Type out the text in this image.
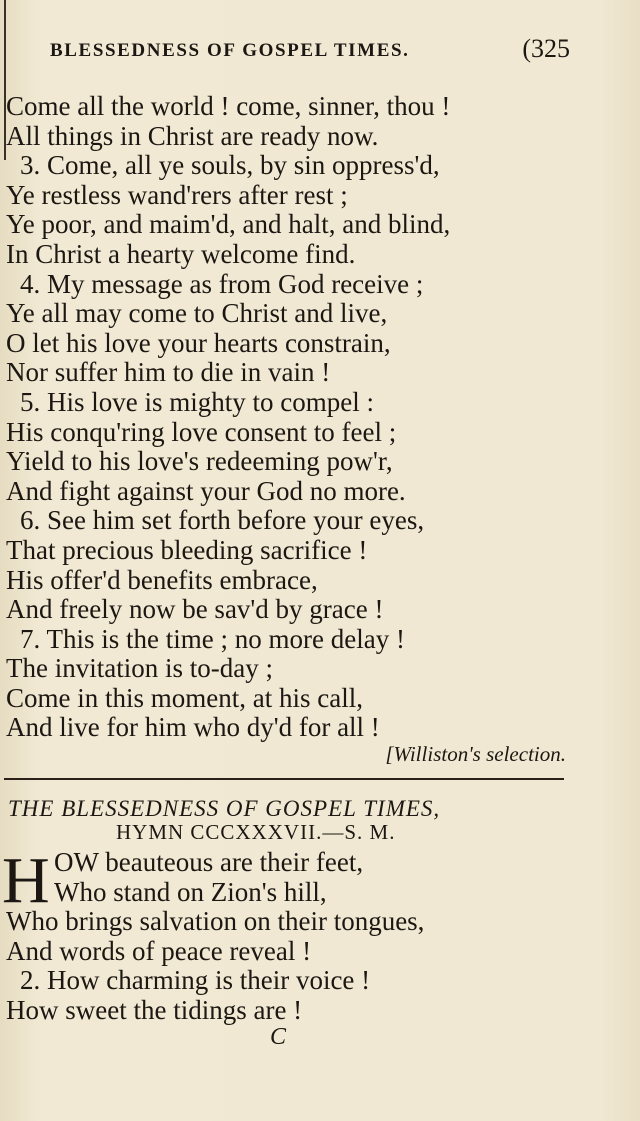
BLESSEDNESS OF GOSPEL TIMES.	(325
Come all the world ! come, sinner, thou !
All things in Christ are ready now.
3. Come, all ye souls, by sin oppress'd,
Ye restless wand'rers after rest ;
Ye poor, and maim'd, and halt, and blind,
In Christ a hearty welcome find.
4. My message as from God receive ;
Ye all may come to Christ and live,
O let his love your hearts constrain,
Nor suffer him to die in vain !
5. His love is mighty to compel :
His conqu'ring love consent to feel ;
Yield to his love's redeeming pow'r,
And fight against your God no more.
6. See him set forth before your eyes,
That precious bleeding sacrifice !
His offer'd benefits embrace,
And freely now be sav'd by grace !
7. This is the time ; no more delay !
The invitation is to-day ;
Come in this moment, at his call,
And live for him who dy'd for all !
[Williston's selection.
THE BLESSEDNESS OF GOSPEL TIMES,
HYMN CCCXXXVII.—S. M.
H OW beauteous are their feet,
Who stand on Zion's hill,
Who brings salvation on their tongues,
And words of peace reveal !
2. How charming is their voice !
How sweet the tidings are !
C
